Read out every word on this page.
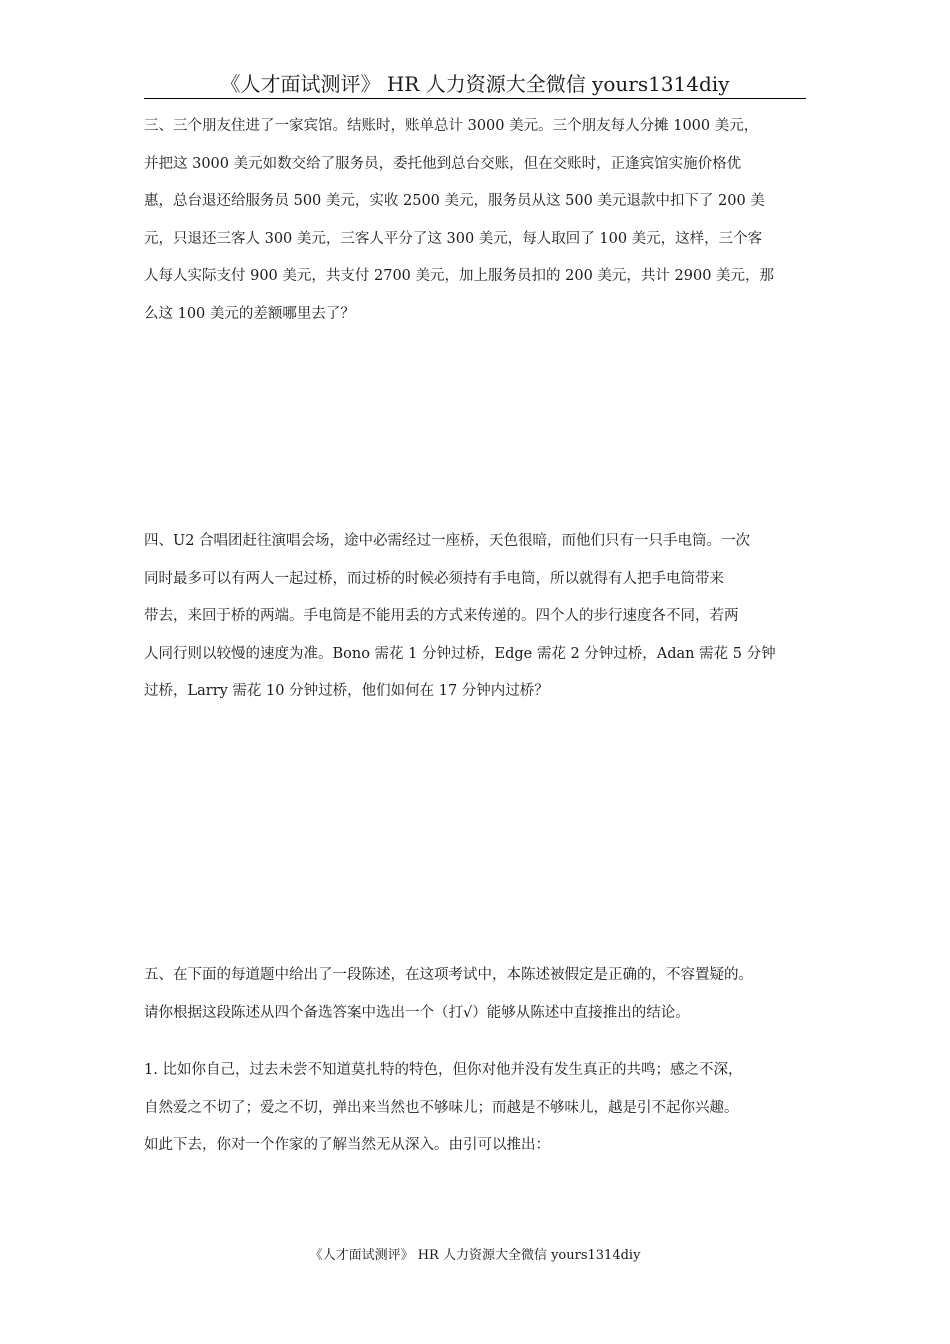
《人才面试测评》 HR 人力资源大全微信 yours1314diy
三、三个朋友住进了一家宾馆。结账时，账单总计 3000 美元。三个朋友每人分摊 1000 美元，
并把这 3000 美元如数交给了服务员，委托他到总台交账，但在交账时，正逢宾馆实施价格优
惠，总台退还给服务员 500 美元，实收 2500 美元，服务员从这 500 美元退款中扣下了 200 美
元，只退还三客人 300 美元，三客人平分了这 300 美元，每人取回了 100 美元，这样，三个客
人每人实际支付 900 美元，共支付 2700 美元，加上服务员扣的 200 美元，共计 2900 美元，那
么这 100 美元的差额哪里去了？
四、U2 合唱团赶往演唱会场，途中必需经过一座桥，天色很暗，而他们只有一只手电筒。一次
同时最多可以有两人一起过桥，而过桥的时候必须持有手电筒，所以就得有人把手电筒带来
带去，来回于桥的两端。手电筒是不能用丢的方式来传递的。四个人的步行速度各不同，若两
人同行则以较慢的速度为准。Bono 需花 1 分钟过桥，Edge 需花 2 分钟过桥，Adan 需花 5 分钟
过桥，Larry 需花 10 分钟过桥，他们如何在 17 分钟内过桥？
五、在下面的每道题中给出了一段陈述，在这项考试中，本陈述被假定是正确的，不容置疑的。
请你根据这段陈述从四个备选答案中选出一个（打√）能够从陈述中直接推出的结论。
1. 比如你自己，过去未尝不知道莫扎特的特色，但你对他并没有发生真正的共鸣；感之不深，
自然爱之不切了；爱之不切，弹出来当然也不够味儿；而越是不够味儿，越是引不起你兴趣。
如此下去，你对一个作家的了解当然无从深入。由引可以推出：
《人才面试测评》 HR 人力资源大全微信 yours1314diy
